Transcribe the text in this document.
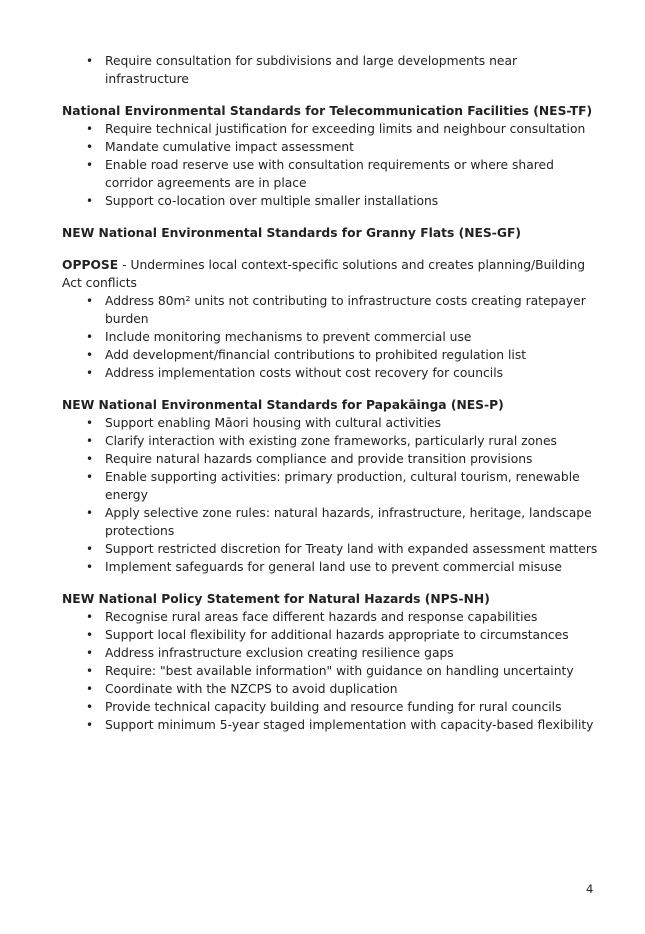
• Require consultation for subdivisions and large developments near infrastructure
National Environmental Standards for Telecommunication Facilities (NES-TF)
• Require technical justification for exceeding limits and neighbour consultation
• Mandate cumulative impact assessment
• Enable road reserve use with consultation requirements or where shared corridor agreements are in place
• Support co-location over multiple smaller installations
NEW National Environmental Standards for Granny Flats (NES-GF)
OPPOSE - Undermines local context-specific solutions and creates planning/Building Act conflicts
• Address 80m² units not contributing to infrastructure costs creating ratepayer burden
• Include monitoring mechanisms to prevent commercial use
• Add development/financial contributions to prohibited regulation list
• Address implementation costs without cost recovery for councils
NEW National Environmental Standards for Papakāinga (NES-P)
• Support enabling Māori housing with cultural activities
• Clarify interaction with existing zone frameworks, particularly rural zones
• Require natural hazards compliance and provide transition provisions
• Enable supporting activities: primary production, cultural tourism, renewable energy
• Apply selective zone rules: natural hazards, infrastructure, heritage, landscape protections
• Support restricted discretion for Treaty land with expanded assessment matters
• Implement safeguards for general land use to prevent commercial misuse
NEW National Policy Statement for Natural Hazards (NPS-NH)
• Recognise rural areas face different hazards and response capabilities
• Support local flexibility for additional hazards appropriate to circumstances
• Address infrastructure exclusion creating resilience gaps
• Require: "best available information" with guidance on handling uncertainty
• Coordinate with the NZCPS to avoid duplication
• Provide technical capacity building and resource funding for rural councils
• Support minimum 5-year staged implementation with capacity-based flexibility
4
